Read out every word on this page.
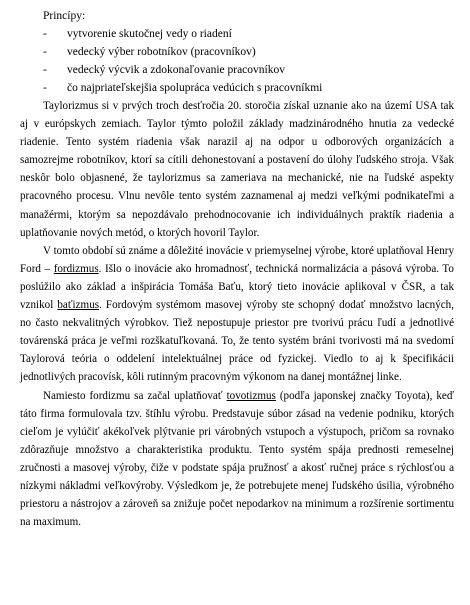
Princípy:
- vytvorenie skutočnej vedy o riadení
- vedecký výber robotníkov (pracovníkov)
- vedecký výcvik a zdokonaľovanie pracovníkov
- čo najpriateľskejšia spolupráca vedúcich s pracovníkmi

Taylorizmus si v prvých troch desťročia 20. storočia získal uznanie ako na území USA tak aj v európskych zemiach. Taylor týmto položil základy madzinárodného hnutia za vedecké riadenie. Tento systém riadenia však narazil aj na odpor u odborových organizácích a samozrejme robotníkov, ktorí sa cítili dehonestovaní a postavení do úlohy ľudského stroja. Však neskôr bolo objasnené, že taylorizmus sa zameriava na mechanické, nie na ľudské aspekty pracovného procesu. Vlnu nevôle tento systém zaznamenal aj medzi veľkými podnikateľmi a manažérmi, ktorým sa nepozdávalo prehodnocovanie ich individuálnych praktík riadenia a uplatňovanie nových metód, o ktorých hovoril Taylor.

V tomto období sú známe a dôležité inovácie v priemyselnej výrobe, ktoré uplatňoval Henry Ford – fordizmus. Išlo o inovácie ako hromadnosť, technická normalizácia a pásová výroba. To poslúžilo ako základ a inšpirácia Tomáša Baťu, ktorý tieto inovácie aplikoval v ČSR, a tak vznikol baťizmus. Fordovým systémom masovej výroby ste schopný dodať množstvo lacných, no často nekvalitných výrobkov. Tiež nepostupuje priestor pre tvorivú prácu ľudí a jednotlivé továrenská práca je veľmi rozškatuľkovaná. To, že tento systém bráni tvorivosti má na svedomí Taylorová teória o oddelení intelektuálnej práce od fyzickej. Viedlo to aj k špecifikácii jednotlivých pracovísk, kôli rutinným pracovným výkonom na danej montážnej linke.

Namiesto fordizmu sa začal uplatňovať tovotizmus (podľa japonskej značky Toyota), keď táto firma formulovala tzv. štíhlu výrobu. Predstavuje súbor zásad na vedenie podniku, ktorých cieľom je vylúčiť akékoľvek plýtvanie pri várobných vstupoch a výstupoch, pričom sa rovnako zdôrazňuje množstvo a charakteristika produktu. Tento systém spája prednosti remeselnej zručnosti a masovej výroby, čiže v podstate spája pružnosť a akosť ručnej práce s rýchlosťou a nízkymi nákladmi veľkovýroby. Výsledkom je, že potrebujete menej ľudského úsilia, výrobného priestoru a nástrojov a zároveň sa znižuje počet nepodarkov na minimum a rozšírenie sortimentu na maximum.
